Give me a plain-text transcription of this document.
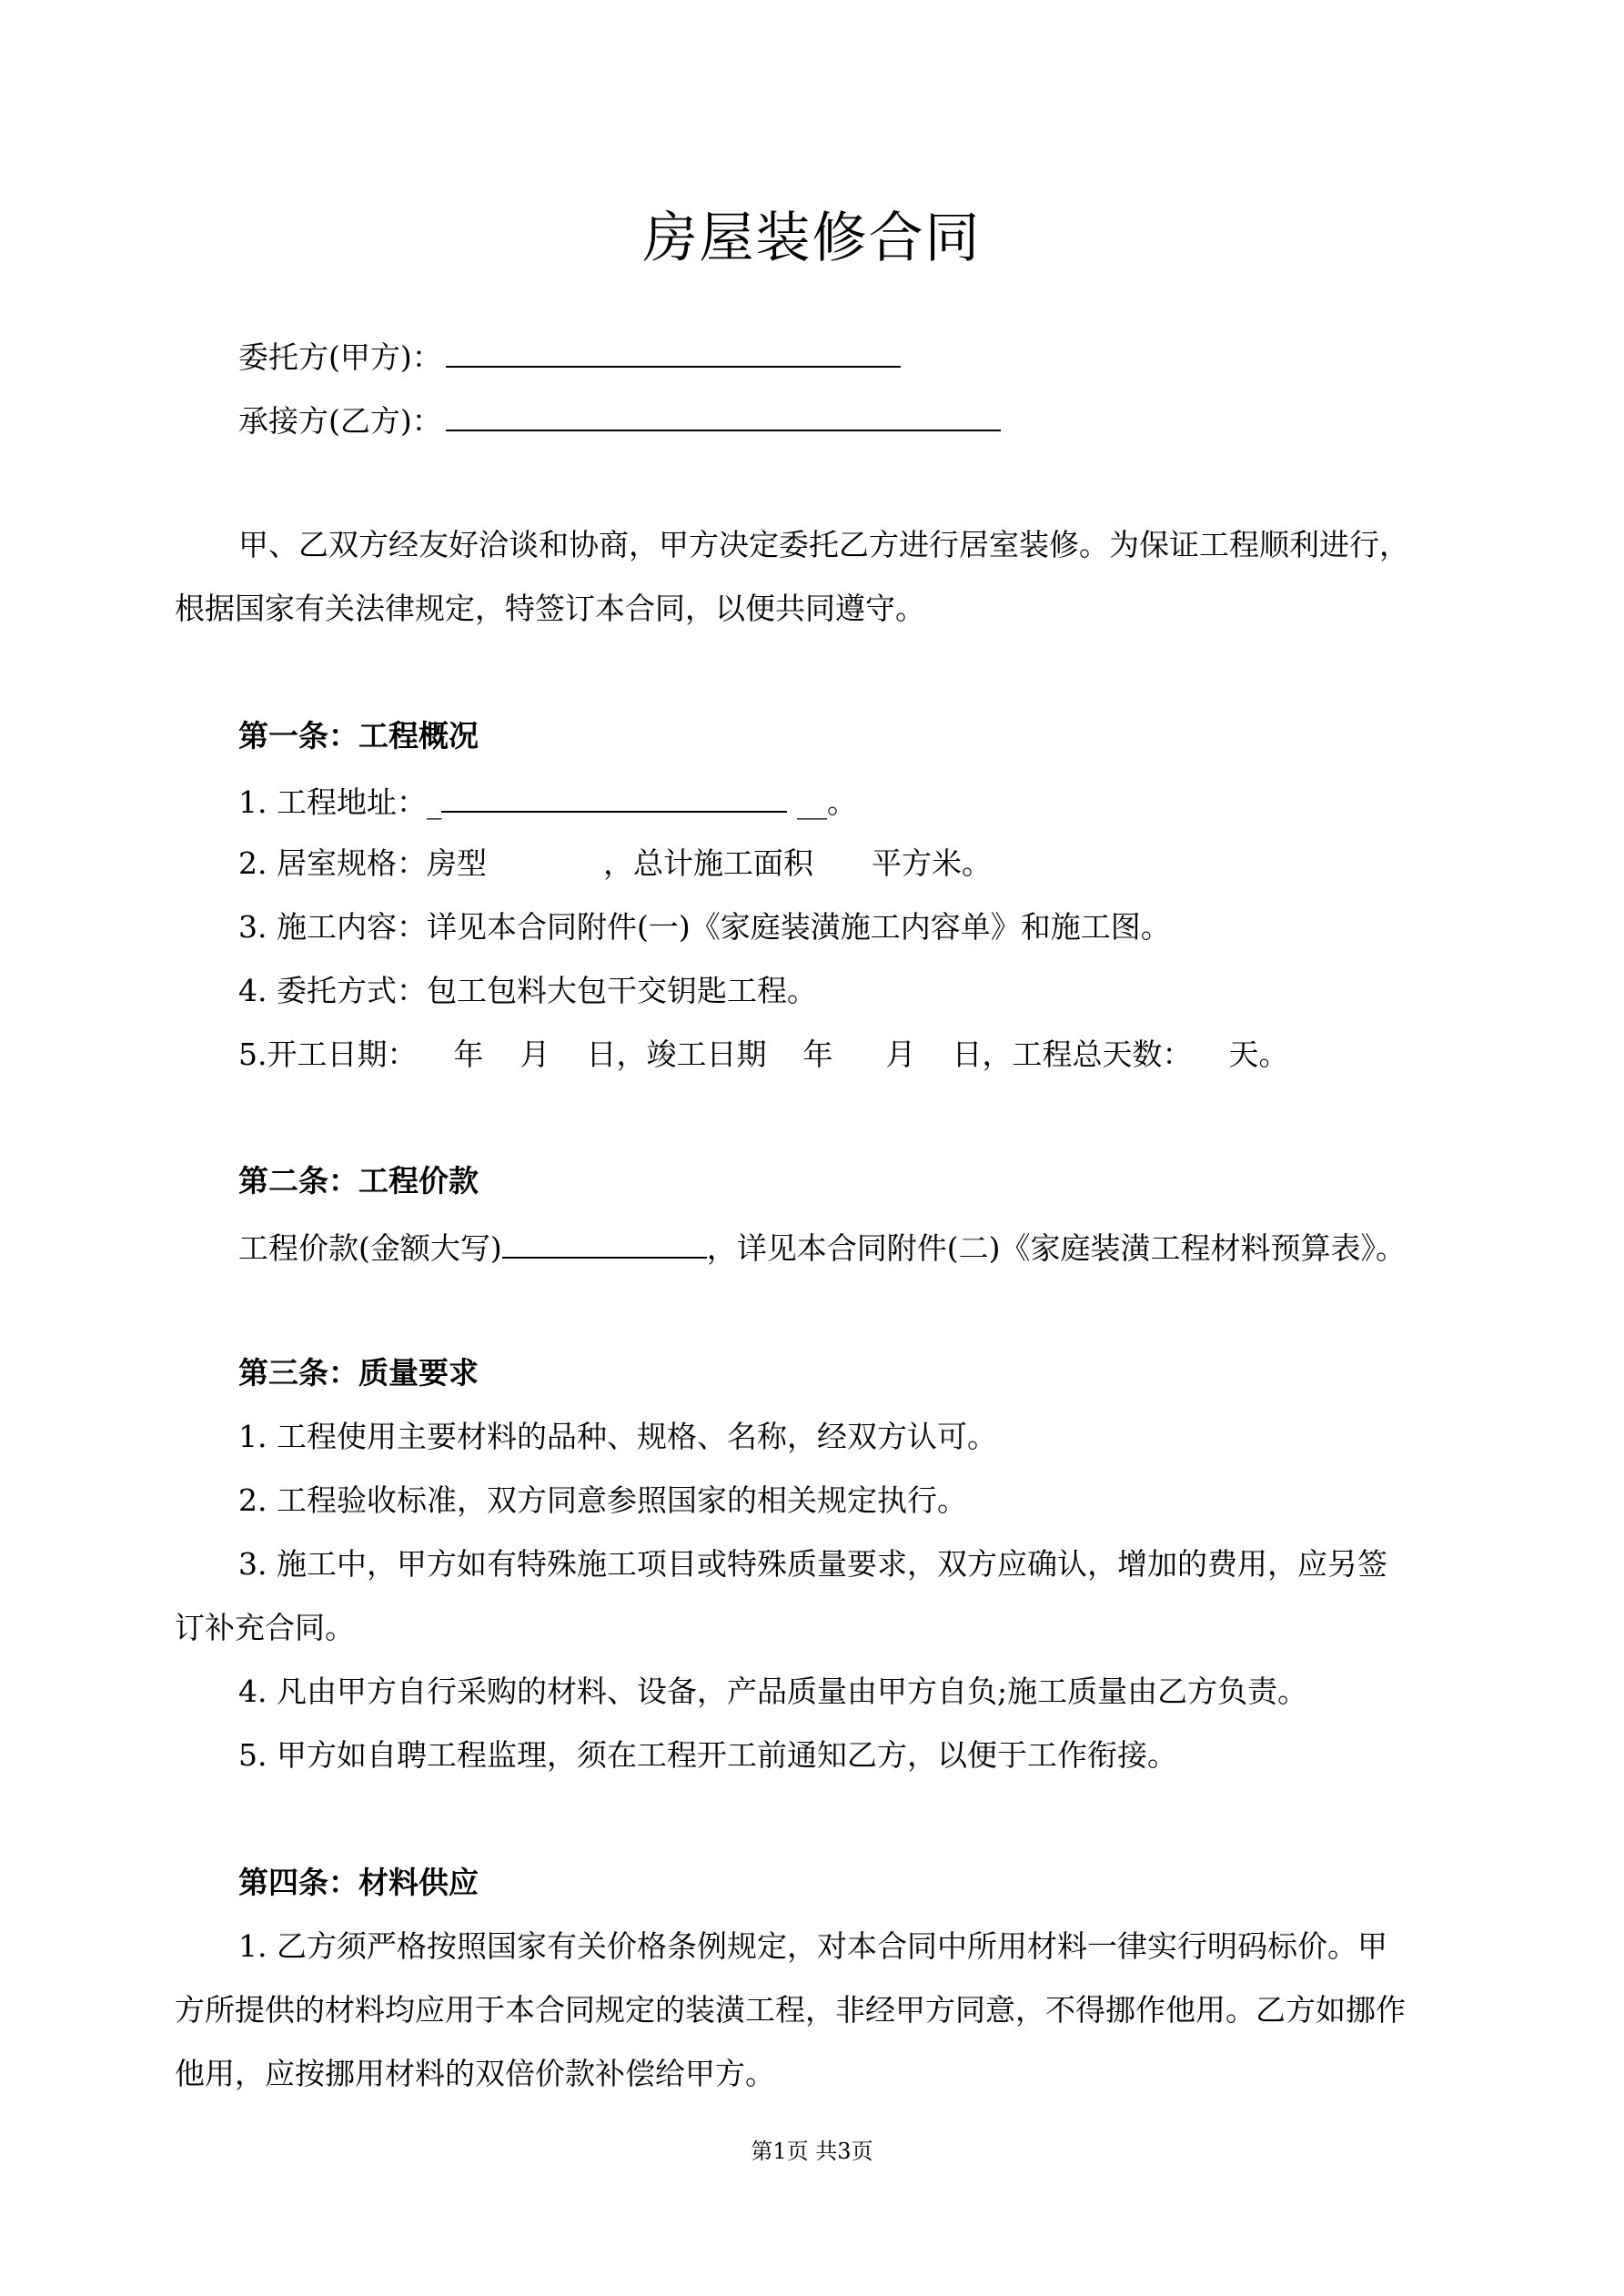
房屋装修合同
委托方(甲方)：
承接方(乙方)：
甲、乙双方经友好洽谈和协商，甲方决定委托乙方进行居室装修。为保证工程顺利进行，
根据国家有关法律规定，特签订本合同，以便共同遵守。
第一条：工程概况
1. 工程地址：_	__。
2. 居室规格：房型	，总计施工面积 平方米。
3. 施工内容：详见本合同附件(一)《家庭装潢施工内容单》和施工图。
4. 委托方式：包工包料大包干交钥匙工程。
5.开工日期： 年 月 日，竣工日期 年 月 日，工程总天数： 天。
第二条：工程价款
工程价款(金额大写)	，详见本合同附件(二)《家庭装潢工程材料预算表》。
第三条：质量要求
1. 工程使用主要材料的品种、规格、名称，经双方认可。
2. 工程验收标准，双方同意参照国家的相关规定执行。
3. 施工中，甲方如有特殊施工项目或特殊质量要求，双方应确认，增加的费用，应另签
订补充合同。
4. 凡由甲方自行采购的材料、设备，产品质量由甲方自负;施工质量由乙方负责。
5. 甲方如自聘工程监理，须在工程开工前通知乙方，以便于工作衔接。
第四条：材料供应
1. 乙方须严格按照国家有关价格条例规定，对本合同中所用材料一律实行明码标价。甲
方所提供的材料均应用于本合同规定的装潢工程，非经甲方同意，不得挪作他用。乙方如挪作
他用，应按挪用材料的双倍价款补偿给甲方。
第1页 共3页
